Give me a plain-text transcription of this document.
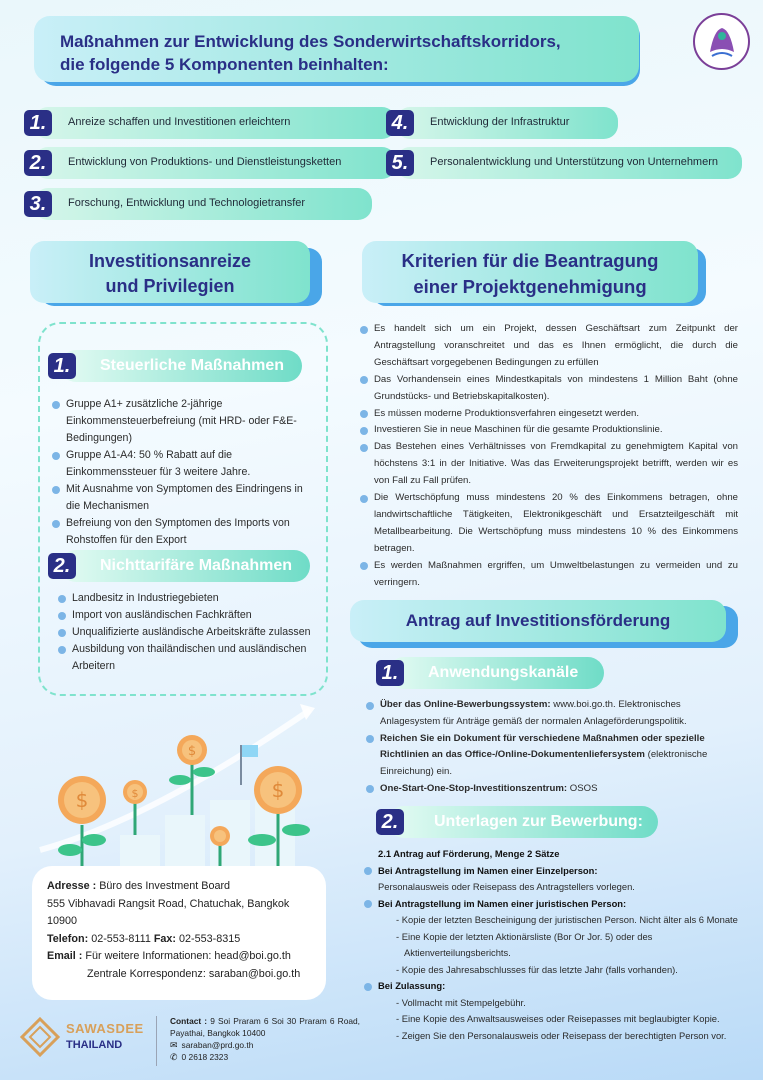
Maßnahmen zur Entwicklung des Sonderwirtschaftskorridors,
die folgende 5 Komponenten beinhalten:
1.	Anreize schaffen und Investitionen erleichtern
2.	Entwicklung von Produktions- und Dienstleistungsketten
3.	Forschung, Entwicklung und Technologietransfer
4.	Entwicklung der Infrastruktur
5.	Personalentwicklung und Unterstützung von Unternehmern
Investitionsanreize
und Privilegien
Steuerliche Maßnahmen
1.
Gruppe A1+ zusätzliche 2-jährige Einkommensteuerbefreiung (mit HRD- oder F&E-Bedingungen)
Gruppe A1-A4: 50 % Rabatt auf die Einkommenssteuer für 3 weitere Jahre.
Mit Ausnahme von Symptomen des Eindringens in die Mechanismen
Befreiung von den Symptomen des Imports von Rohstoffen für den Export
Nichttarifäre Maßnahmen
2.
Landbesitz in Industriegebieten
Import von ausländischen Fachkräften
Unqualifizierte ausländische Arbeitskräfte zulassen
Ausbildung von thailändischen und ausländischen Arbeitern
$	$
$
$
Adresse : Büro des Investment Board
555 Vibhavadi Rangsit Road, Chatuchak, Bangkok
10900
Telefon: 02-553-8111 Fax: 02-553-8315
Email : Für weitere Informationen: head@boi.go.th
Zentrale Korrespondenz: saraban@boi.go.th
Kriterien für die Beantragung
einer Projektgenehmigung
Es handelt sich um ein Projekt, dessen Geschäftsart zum Zeitpunkt der Antragstellung voranschreitet und das es Ihnen ermöglicht, die durch die Geschäftsart vorgegebenen Bedingungen zu erfüllen
Das Vorhandensein eines Mindestkapitals von mindestens 1 Million Baht (ohne Grundstücks- und Betriebskapitalkosten).
Es müssen moderne Produktionsverfahren eingesetzt werden.
Investieren Sie in neue Maschinen für die gesamte Produktionslinie.
Das Bestehen eines Verhältnisses von Fremdkapital zu genehmigtem Kapital von höchstens 3:1 in der Initiative. Was das Erweiterungsprojekt betrifft, werden wir es von Fall zu Fall prüfen.
Die Wertschöpfung muss mindestens 20 % des Einkommens betragen, ohne landwirtschaftliche Tätigkeiten, Elektronikgeschäft und Ersatzteilgeschäft mit Metallbearbeitung. Die Wertschöpfung muss mindestens 10 % des Einkommens betragen.
Es werden Maßnahmen ergriffen, um Umweltbelastungen zu vermeiden und zu verringern.
Antrag auf Investitionsförderung
Anwendungskanäle
1.
Über das Online-Bewerbungssystem: www.boi.go.th. Elektronisches Anlagesystem für Anträge gemäß der normalen Anlageförderungspolitik.
Reichen Sie ein Dokument für verschiedene Maßnahmen oder spezielle Richtlinien an das Office-/Online-Dokumentenliefersystem (elektronische Einreichung) ein.
One-Start-One-Stop-Investitionszentrum: OSOS
Unterlagen zur Bewerbung:
2.
2.1 Antrag auf Förderung, Menge 2 Sätze
Bei Antragstellung im Namen einer Einzelperson:
Personalausweis oder Reisepass des Antragstellers vorlegen.
Bei Antragstellung im Namen einer juristischen Person:
- Kopie der letzten Bescheinigung der juristischen Person. Nicht älter als 6 Monate
- Eine Kopie der letzten Aktionärsliste (Bor Or Jor. 5) oder des
Aktienverteilungsberichts.
- Kopie des Jahresabschlusses für das letzte Jahr (falls vorhanden).
Bei Zulassung:
- Vollmacht mit Stempelgebühr.
- Eine Kopie des Anwaltsausweises oder Reisepasses mit beglaubigter Kopie.
- Zeigen Sie den Personalausweis oder Reisepass der berechtigten Person vor.
SAWASDEE
THAILAND
Contact : 9 Soi Praram 6 Soi 30 Praram 6 Road, Payathai, Bangkok 10400
✉ saraban@prd.go.th
✆ 0 2618 2323
